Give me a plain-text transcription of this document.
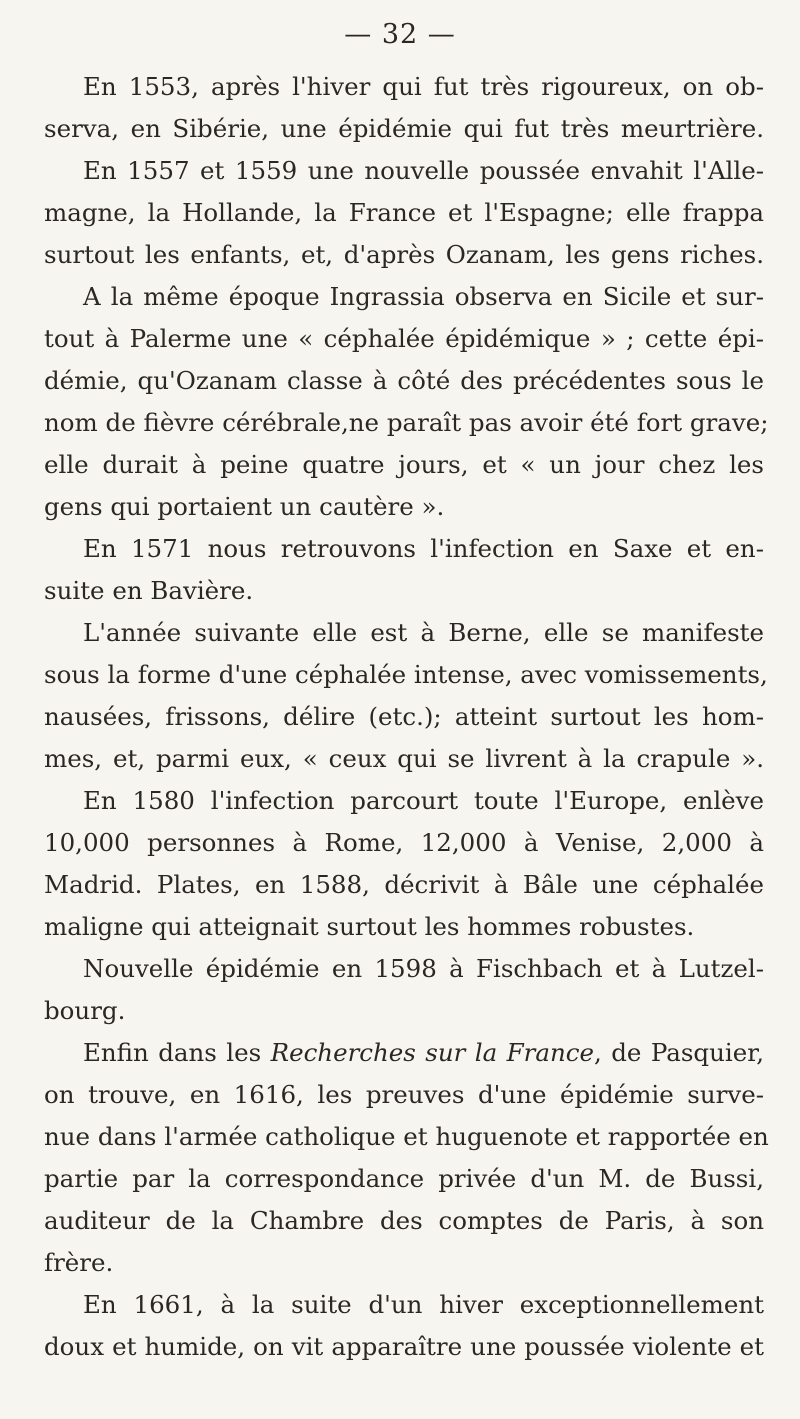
— 32 —
En 1553, après l'hiver qui fut très rigoureux, on ob-
serva, en Sibérie, une épidémie qui fut très meurtrière.
En 1557 et 1559 une nouvelle poussée envahit l'Alle-
magne, la Hollande, la France et l'Espagne; elle frappa
surtout les enfants, et, d'après Ozanam, les gens riches.
A la même époque Ingrassia observa en Sicile et sur-
tout à Palerme une « céphalée épidémique » ; cette épi-
démie, qu'Ozanam classe à côté des précédentes sous le
nom de fièvre cérébrale,ne paraît pas avoir été fort grave;
elle durait à peine quatre jours, et « un jour chez les
gens qui portaient un cautère ».
En 1571 nous retrouvons l'infection en Saxe et en-
suite en Bavière.
L'année suivante elle est à Berne, elle se manifeste
sous la forme d'une céphalée intense, avec vomissements,
nausées, frissons, délire (etc.); atteint surtout les hom-
mes, et, parmi eux, « ceux qui se livrent à la crapule ».
En 1580 l'infection parcourt toute l'Europe, enlève
10,000 personnes à Rome, 12,000 à Venise, 2,000 à
Madrid. Plates, en 1588, décrivit à Bâle une céphalée
maligne qui atteignait surtout les hommes robustes.
Nouvelle épidémie en 1598 à Fischbach et à Lutzel-
bourg.
Enfin dans les Recherches sur la France, de Pasquier,
on trouve, en 1616, les preuves d'une épidémie surve-
nue dans l'armée catholique et huguenote et rapportée en
partie par la correspondance privée d'un M. de Bussi,
auditeur de la Chambre des comptes de Paris, à son
frère.
En 1661, à la suite d'un hiver exceptionnellement
doux et humide, on vit apparaître une poussée violente et
